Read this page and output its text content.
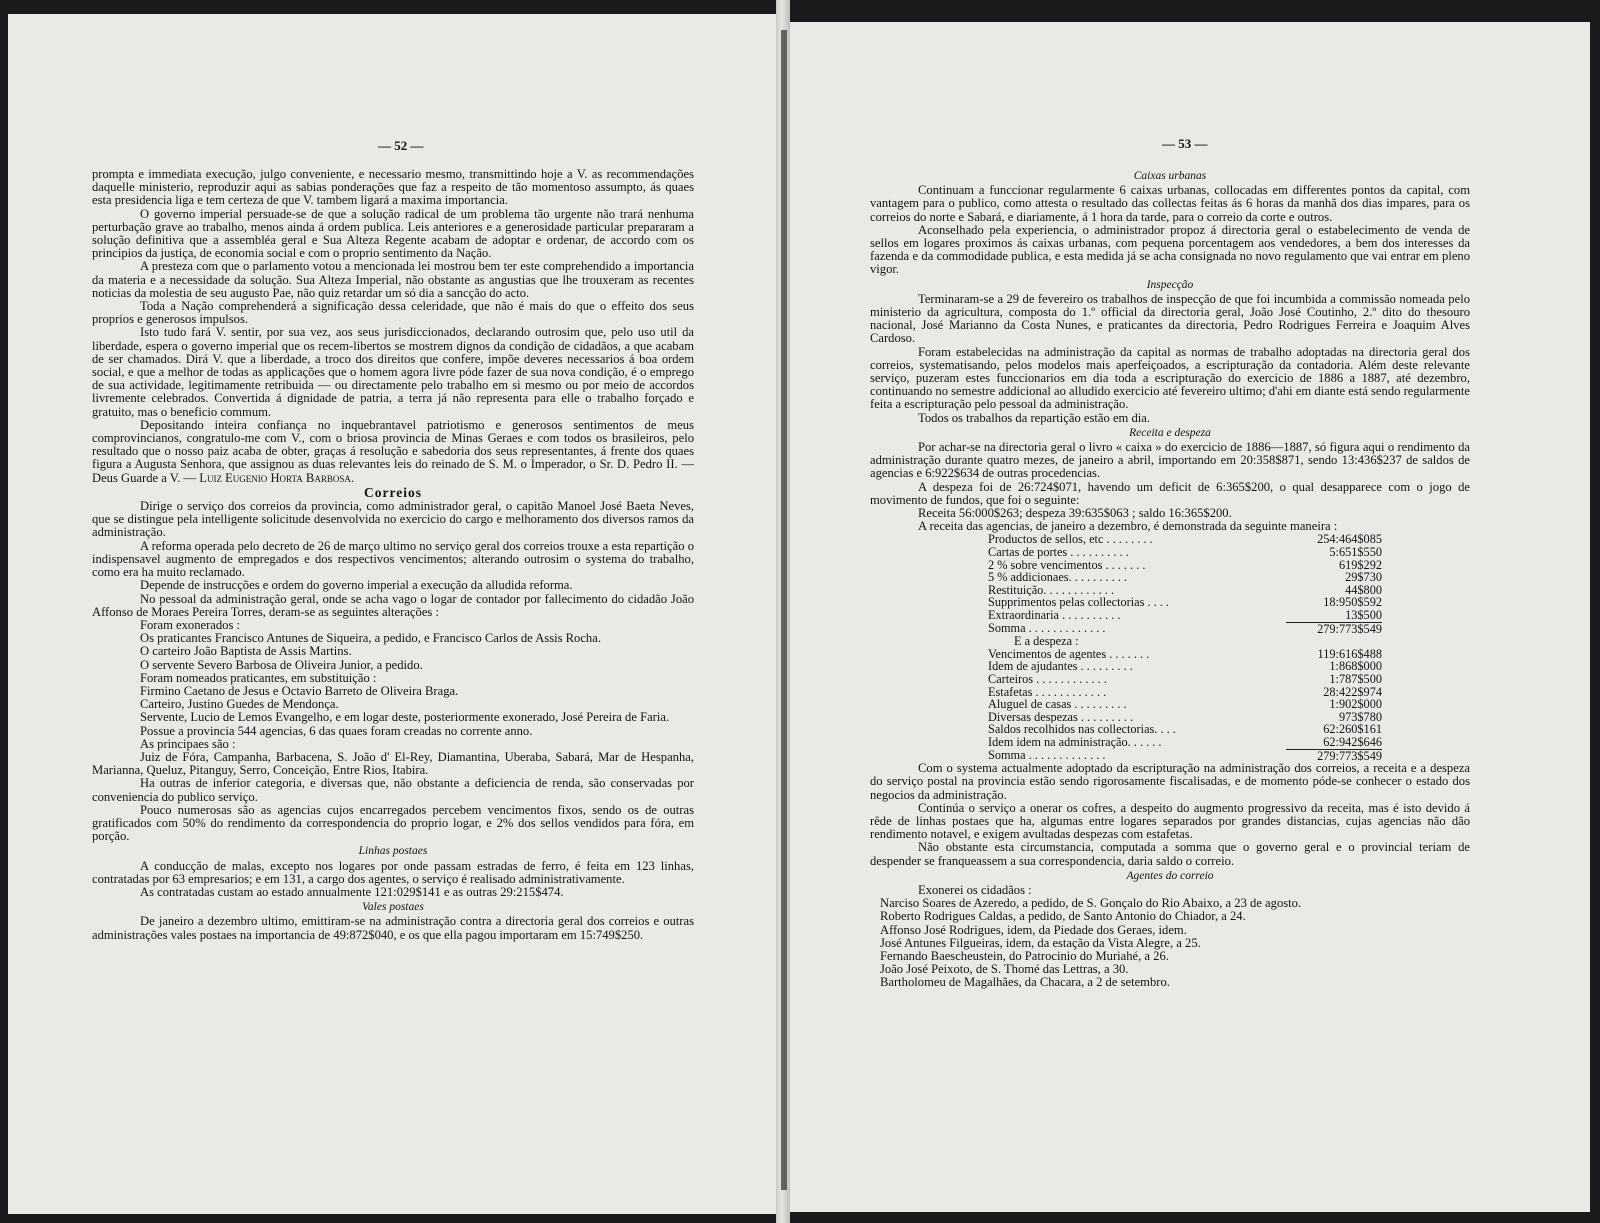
— 52 —

prompta e immediata execução, julgo conveniente, e necessario mesmo, transmittindo hoje a V. as recommendações daquelle ministerio, reproduzir aqui as sabias ponderações que faz a respeito de tão momentoso assumpto, ás quaes esta presidencia liga e tem certeza de que V. tambem ligará a maxima importancia.

O governo imperial persuade-se de que a solução radical de um problema tão urgente não trará nenhuma perturbação grave ao trabalho, menos ainda á ordem publica. Leis anteriores e a generosidade particular prepararam a solução definitiva que a assembléa geral e Sua Alteza Regente acabam de adoptar e ordenar, de accordo com os principios da justiça, de economia social e com o proprio sentimento da Nação.

A presteza com que o parlamento votou a mencionada lei mostrou bem ter este comprehendido a importancia da materia e a necessidade da solução. Sua Alteza Imperial, não obstante as angustias que lhe trouxeram as recentes noticias da molestia de seu augusto Pae, não quiz retardar um só dia a sancção do acto.

Toda a Nação comprehenderá a significação dessa celeridade, que não é mais do que o effeito dos seus proprios e generosos impulsos.

Isto tudo fará V. sentir, por sua vez, aos seus jurisdiccionados, declarando outrosim que, pelo uso util da liberdade, espera o governo imperial que os recem-libertos se mostrem dignos da condição de cidadãos, a que acabam de ser chamados. Dirá V. que a liberdade, a troco dos direitos que confere, impõe deveres necessarios á boa ordem social, e que a melhor de todas as applicações que o homem agora livre póde fazer de sua nova condição, é o emprego de sua actividade, legitimamente retribuida — ou directamente pelo trabalho em si mesmo ou por meio de accordos livremente celebrados. Convertida á dignidade de patria, a terra já não representa para elle o trabalho forçado e gratuito, mas o beneficio commum.

Depositando inteira confiança no inquebrantavel patriotismo e generosos sentimentos de meus comprovincianos, congratulo-me com V., com o briosa provincia de Minas Geraes e com todos os brasileiros, pelo resultado que o nosso paiz acaba de obter, graças á resolução e sabedoria dos seus representantes, á frente dos quaes figura a Augusta Senhora, que assignou as duas relevantes leis do reinado de S. M. o Imperador, o Sr. D. Pedro II. — Deus Guarde a V. — Luiz Eugenio Horta Barbosa.

Correios

Dirige o serviço dos correios da provincia, como administrador geral, o capitão Manoel José Baeta Neves, que se distingue pela intelligente solicitude desenvolvida no exercicio do cargo e melhoramento dos diversos ramos da administração.

A reforma operada pelo decreto de 26 de março ultimo no serviço geral dos correios trouxe a esta repartição o indispensavel augmento de empregados e dos respectivos vencimentos; alterando outrosim o systema do trabalho, como era ha muito reclamado.

Depende de instrucções e ordem do governo imperial a execução da alludida reforma.

No pessoal da administração geral, onde se acha vago o logar de contador por fallecimento do cidadão João Affonso de Moraes Pereira Torres, deram-se as seguintes alterações :

Foram exonerados :

Os praticantes Francisco Antunes de Siqueira, a pedido, e Francisco Carlos de Assis Rocha.

O carteiro João Baptista de Assis Martins.

O servente Severo Barbosa de Oliveira Junior, a pedido.

Foram nomeados praticantes, em substituição :

Firmino Caetano de Jesus e Octavio Barreto de Oliveira Braga.

Carteiro, Justino Guedes de Mendonça.

Servente, Lucio de Lemos Evangelho, e em logar deste, posteriormente exonerado, José Pereira de Faria.

Possue a provincia 544 agencias, 6 das quaes foram creadas no corrente anno.

As principaes são :

Juiz de Fóra, Campanha, Barbacena, S. João d' El-Rey, Diamantina, Uberaba, Sabará, Mar de Hespanha, Marianna, Queluz, Pitanguy, Serro, Conceição, Entre Rios, Itabira.

Ha outras de inferior categoria, e diversas que, não obstante a deficiencia de renda, são conservadas por conveniencia do publico serviço.

Pouco numerosas são as agencias cujos encarregados percebem vencimentos fixos, sendo os de outras gratificados com 50% do rendimento da correspondencia do proprio logar, e 2% dos sellos vendidos para fóra, em porção.

Linhas postaes

A conducção de malas, excepto nos logares por onde passam estradas de ferro, é feita em 123 linhas, contratadas por 63 empresarios; e em 131, a cargo dos agentes, o serviço é realisado administrativamente.

As contratadas custam ao estado annualmente 121:029$141 e as outras 29:215$474.

Vales postaes

De janeiro a dezembro ultimo, emittiram-se na administração contra a directoria geral dos correios e outras administrações vales postaes na importancia de 49:872$040, e os que ella pagou importaram em 15:749$250.

— 53 —
Caixas urbanas

Continuam a funccionar regularmente 6 caixas urbanas, collocadas em differentes pontos da capital, com vantagem para o publico, como attesta o resultado das collectas feitas ás 6 horas da manhã dos dias impares, para os correios do norte e Sabará, e diariamente, á 1 hora da tarde, para o correio da corte e outros.

Aconselhado pela experiencia, o administrador propoz á directoria geral o estabelecimento de venda de sellos em logares proximos ás caixas urbanas, com pequena porcentagem aos vendedores, a bem dos interesses da fazenda e da commodidade publica, e esta medida já se acha consignada no novo regulamento que vai entrar em pleno vigor.

Inspecção

Terminaram-se a 29 de fevereiro os trabalhos de inspecção de que foi incumbida a commissão nomeada pelo ministerio da agricultura, composta do 1.º official da directoria geral, João José Coutinho, 2.º dito do thesouro nacional, José Marianno da Costa Nunes, e praticantes da directoria, Pedro Rodrigues Ferreira e Joaquim Alves Cardoso.

Foram estabelecidas na administração da capital as normas de trabalho adoptadas na directoria geral dos correios, systematisando, pelos modelos mais aperfeiçoados, a escripturação da contadoria. Além deste relevante serviço, puzeram estes funccionarios em dia toda a escripturação do exercicio de 1886 a 1887, até dezembro, continuando no semestre addicional ao alludido exercicio até fevereiro ultimo; d'ahi em diante está sendo regularmente feita a escripturação pelo pessoal da administração.

Todos os trabalhos da repartição estão em dia.

Receita e despeza

Por achar-se na directoria geral o livro « caixa » do exercicio de 1886—1887, só figura aqui o rendimento da administração durante quatro mezes, de janeiro a abril, importando em 20:358$871, sendo 13:436$237 de saldos de agencias e 6:922$634 de outras procedencias.

A despeza foi de 26:724$071, havendo um deficit de 6:365$200, o qual desapparece com o jogo de movimento de fundos, que foi o seguinte:

Receita 56:000$263; despeza 39:635$063 ; saldo 16:365$200.

A receita das agencias, de janeiro a dezembro, é demonstrada da seguinte maneira :

Productos de sellos, etc . . . . . . . .	254:464$085
Cartas de portes . . . . . . . . . .	5:651$550
2 % sobre vencimentos . . . . . . .	619$292
5 % addicionaes. . . . . . . . . .	29$730
Restituição. . . . . . . . . . . .	44$800
Supprimentos pelas collectorias . . . .	18:950$592
Extraordinaria . . . . . . . . . .	13$500
Somma . . . . . . . . . . . . .	279:773$549
E a despeza :	
Vencimentos de agentes . . . . . . .	119:616$488
Idem de ajudantes . . . . . . . . .	1:868$000
Carteiros . . . . . . . . . . . .	1:787$500
Estafetas . . . . . . . . . . . .	28:422$974
Aluguel de casas . . . . . . . . .	1:902$000
Diversas despezas . . . . . . . . .	973$780
Saldos recolhidos nas collectorias. . . .	62:260$161
Idem idem na administração. . . . . .	62:942$646
Somma . . . . . . . . . . . . .	279:773$549

Com o systema actualmente adoptado da escripturação na administração dos correios, a receita e a despeza do serviço postal na provincia estão sendo rigorosamente fiscalisadas, e de momento póde-se conhecer o estado dos negocios da administração.

Continúa o serviço a onerar os cofres, a despeito do augmento progressivo da receita, mas é isto devido á rêde de linhas postaes que ha, algumas entre logares separados por grandes distancias, cujas agencias não dão rendimento notavel, e exigem avultadas despezas com estafetas.

Não obstante esta circumstancia, computada a somma que o governo geral e o provincial teriam de despender se franqueassem a sua correspondencia, daria saldo o correio.

Agentes do correio

Exonerei os cidadãos :

Narciso Soares de Azeredo, a pedido, de S. Gonçalo do Rio Abaixo, a 23 de agosto.

Roberto Rodrigues Caldas, a pedido, de Santo Antonio do Chiador, a 24.

Affonso José Rodrigues, idem, da Piedade dos Geraes, idem.

José Antunes Filgueiras, idem, da estação da Vista Alegre, a 25.

Fernando Baescheustein, do Patrocinio do Muriahé, a 26.

João José Peixoto, de S. Thomé das Lettras, a 30.

Bartholomeu de Magalhães, da Chacara, a 2 de setembro.
